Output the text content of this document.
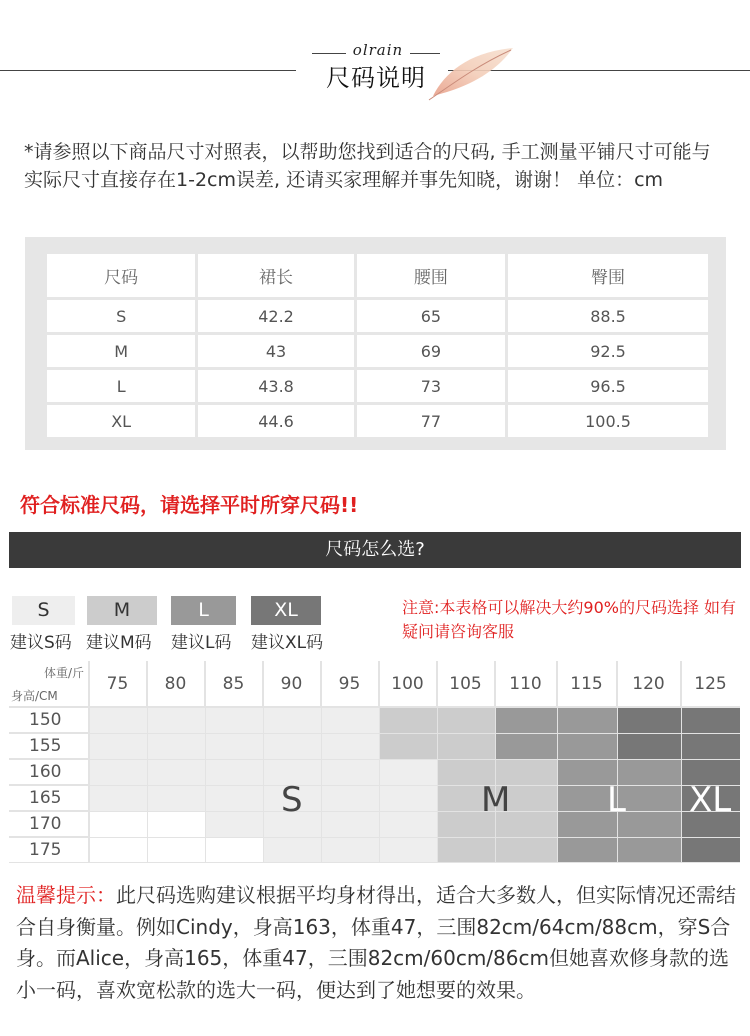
olrain
尺码说明
*请参照以下商品尺寸对照表，以帮助您找到适合的尺码, 手工测量平铺尺寸可能与实际尺寸直接存在1-2cm误差, 还请买家理解并事先知晓，谢谢！ 单位：cm
尺码	裙长	腰围	臀围
S	42.2	65	88.5
M	43	69	92.5
L	43.8	73	96.5
XL	44.6	77	100.5
符合标准尺码，请选择平时所穿尺码!!
尺码怎么选?
S	M	L	XL
建议S码 建议M码 建议L码 建议XL码
注意:本表格可以解决大约90%的尺码选择 如有疑问请咨询客服
体重/斤
身高/CM
75	80	85	90	95	100	105	110	115	120	125
150
155
160
165
170
175
S	M	L XL
温馨提示：此尺码选购建议根据平均身材得出，适合大多数人，但实际情况还需结合自身衡量。例如Cindy，身高163，体重47，三围82cm/64cm/88cm，穿S合身。而Alice，身高165，体重47，三围82cm/60cm/86cm但她喜欢修身款的选小一码，喜欢宽松款的选大一码，便达到了她想要的效果。
